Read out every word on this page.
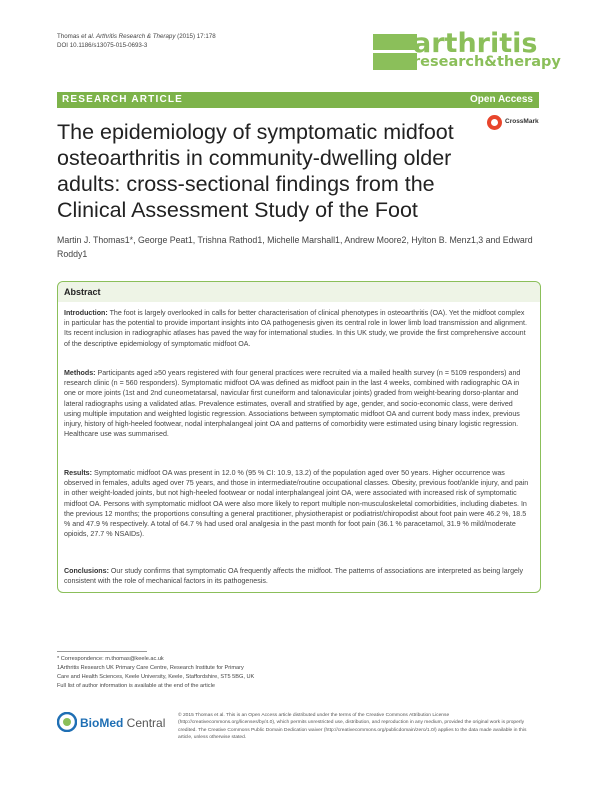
Thomas et al. Arthritis Research & Therapy (2015) 17:178
DOI 10.1186/s13075-015-0693-3	arthritis
research&therapy
RESEARCH ARTICLE	Open Access
The epidemiology of symptomatic midfoot osteoarthritis in community-dwelling older adults: cross-sectional findings from the Clinical Assessment Study of the Foot
CrossMark
Martin J. Thomas1*, George Peat1, Trishna Rathod1, Michelle Marshall1, Andrew Moore2, Hylton B. Menz1,3 and Edward Roddy1
Abstract
Introduction: The foot is largely overlooked in calls for better characterisation of clinical phenotypes in osteoarthritis (OA). Yet the midfoot complex in particular has the potential to provide important insights into OA pathogenesis given its central role in lower limb load transmission and alignment. Its recent inclusion in radiographic atlases has paved the way for international studies. In this UK study, we provide the first comprehensive account of the descriptive epidemiology of symptomatic midfoot OA.
Methods: Participants aged ≥50 years registered with four general practices were recruited via a mailed health survey (n = 5109 responders) and research clinic (n = 560 responders). Symptomatic midfoot OA was defined as midfoot pain in the last 4 weeks, combined with radiographic OA in one or more joints (1st and 2nd cuneometatarsal, navicular first cuneiform and talonavicular joints) graded from weight-bearing dorso-plantar and lateral radiographs using a validated atlas. Prevalence estimates, overall and stratified by age, gender, and socio-economic class, were derived using multiple imputation and weighted logistic regression. Associations between symptomatic midfoot OA and current body mass index, previous injury, history of high-heeled footwear, nodal interphalangeal joint OA and patterns of comorbidity were estimated using binary logistic regression. Healthcare use was summarised.
Results: Symptomatic midfoot OA was present in 12.0 % (95 % CI: 10.9, 13.2) of the population aged over 50 years. Higher occurrence was observed in females, adults aged over 75 years, and those in intermediate/routine occupational classes. Obesity, previous foot/ankle injury, and pain in other weight-loaded joints, but not high-heeled footwear or nodal interphalangeal joint OA, were associated with increased risk of symptomatic midfoot OA. Persons with symptomatic midfoot OA were also more likely to report multiple non-musculoskeletal comorbidities, including diabetes. In the previous 12 months; the proportions consulting a general practitioner, physiotherapist or podiatrist/chiropodist about foot pain were 46.2 %, 18.5 % and 47.9 % respectively. A total of 64.7 % had used oral analgesia in the past month for foot pain (36.1 % paracetamol, 31.9 % mild/moderate opioids, 27.7 % NSAIDs).
Conclusions: Our study confirms that symptomatic OA frequently affects the midfoot. The patterns of associations are interpreted as being largely consistent with the role of mechanical factors in its pathogenesis.
* Correspondence: m.thomas@keele.ac.uk
1Arthritis Research UK Primary Care Centre, Research Institute for Primary
Care and Health Sciences, Keele University, Keele, Staffordshire, ST5 5BG, UK
Full list of author information is available at the end of the article
BioMed Central
© 2015 Thomas et al. This is an Open Access article distributed under the terms of the Creative Commons Attribution License (http://creativecommons.org/licenses/by/4.0), which permits unrestricted use, distribution, and reproduction in any medium, provided the original work is properly credited. The Creative Commons Public Domain Dedication waiver (http://creativecommons.org/publicdomain/zero/1.0/) applies to the data made available in this article, unless otherwise stated.
